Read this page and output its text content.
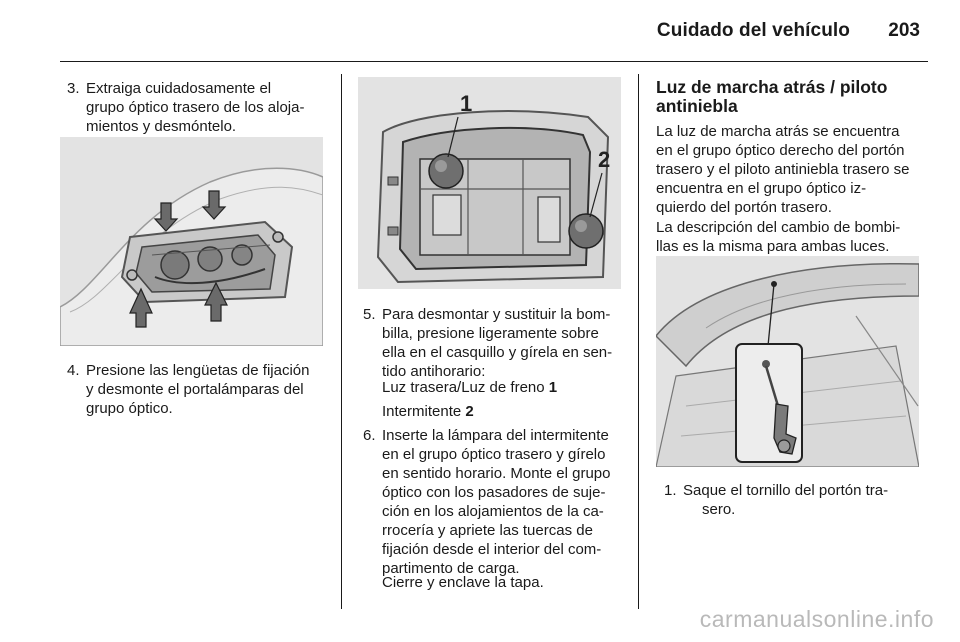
Cuidado del vehículo 203
3. Extraiga cuidadosamente el
grupo óptico trasero de los aloja-
mientos y desmóntelo.
4. Presione las lengüetas de fijación
y desmonte el portalámparas del
grupo óptico.
1
2
5. Para desmontar y sustituir la bom-
billa, presione ligeramente sobre
ella en el casquillo y gírela en sen-
tido antihorario:
Luz trasera/Luz de freno 1
Intermitente 2
6. Inserte la lámpara del intermitente
en el grupo óptico trasero y gírelo
en sentido horario. Monte el grupo
óptico con los pasadores de suje-
ción en los alojamientos de la ca-
rrocería y apriete las tuercas de
fijación desde el interior del com-
partimento de carga.
Cierre y enclave la tapa.
Luz de marcha atrás / piloto
antiniebla
La luz de marcha atrás se encuentra
en el grupo óptico derecho del portón
trasero y el piloto antiniebla trasero se
encuentra en el grupo óptico iz-
quierdo del portón trasero.
La descripción del cambio de bombi-
llas es la misma para ambas luces.
1. Saque el tornillo del portón tra-
sero.
carmanualsonline.info
